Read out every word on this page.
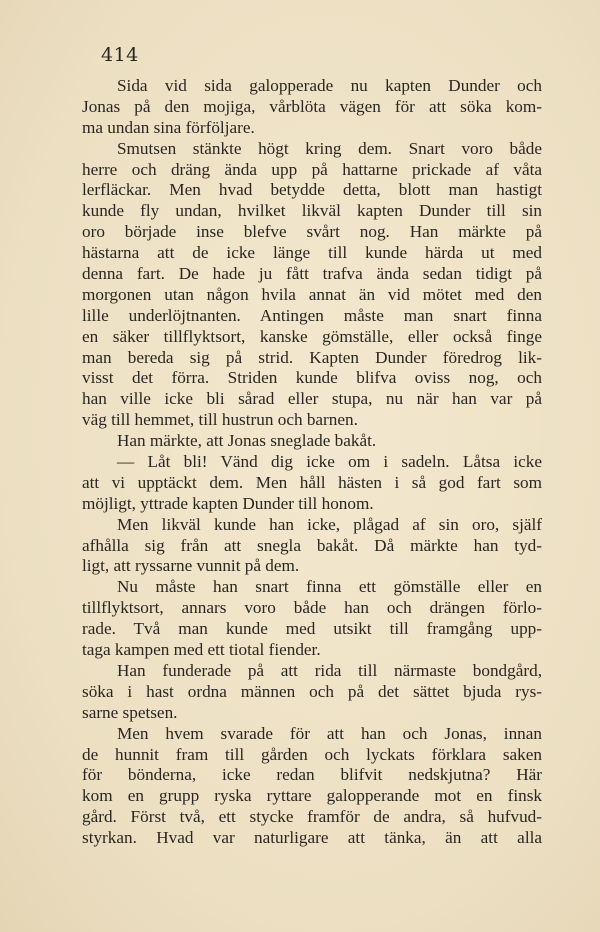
414
Sida vid sida galopperade nu kapten Dunder och
Jonas på den mojiga, vårblöta vägen för att söka kom-
ma undan sina förföljare.
Smutsen stänkte högt kring dem. Snart voro både
herre och dräng ända upp på hattarne prickade af våta
lerfläckar. Men hvad betydde detta, blott man hastigt
kunde fly undan, hvilket likväl kapten Dunder till sin
oro började inse blefve svårt nog. Han märkte på
hästarna att de icke länge till kunde härda ut med
denna fart. De hade ju fått trafva ända sedan tidigt på
morgonen utan någon hvila annat än vid mötet med den
lille underlöjtnanten. Antingen måste man snart finna
en säker tillflyktsort, kanske gömställe, eller också finge
man bereda sig på strid. Kapten Dunder föredrog lik-
visst det förra. Striden kunde blifva oviss nog, och
han ville icke bli sårad eller stupa, nu när han var på
väg till hemmet, till hustrun och barnen.
Han märkte, att Jonas sneglade bakåt.
— Låt bli! Vänd dig icke om i sadeln. Låtsa icke
att vi upptäckt dem. Men håll hästen i så god fart som
möjligt, yttrade kapten Dunder till honom.
Men likväl kunde han icke, plågad af sin oro, själf
afhålla sig från att snegla bakåt. Då märkte han tyd-
ligt, att ryssarne vunnit på dem.
Nu måste han snart finna ett gömställe eller en
tillflyktsort, annars voro både han och drängen förlo-
rade. Två man kunde med utsikt till framgång upp-
taga kampen med ett tiotal fiender.
Han funderade på att rida till närmaste bondgård,
söka i hast ordna männen och på det sättet bjuda rys-
sarne spetsen.
Men hvem svarade för att han och Jonas, innan
de hunnit fram till gården och lyckats förklara saken
för bönderna, icke redan blifvit nedskjutna? Här
kom en grupp ryska ryttare galopperande mot en finsk
gård. Först två, ett stycke framför de andra, så hufvud-
styrkan. Hvad var naturligare att tänka, än att alla
